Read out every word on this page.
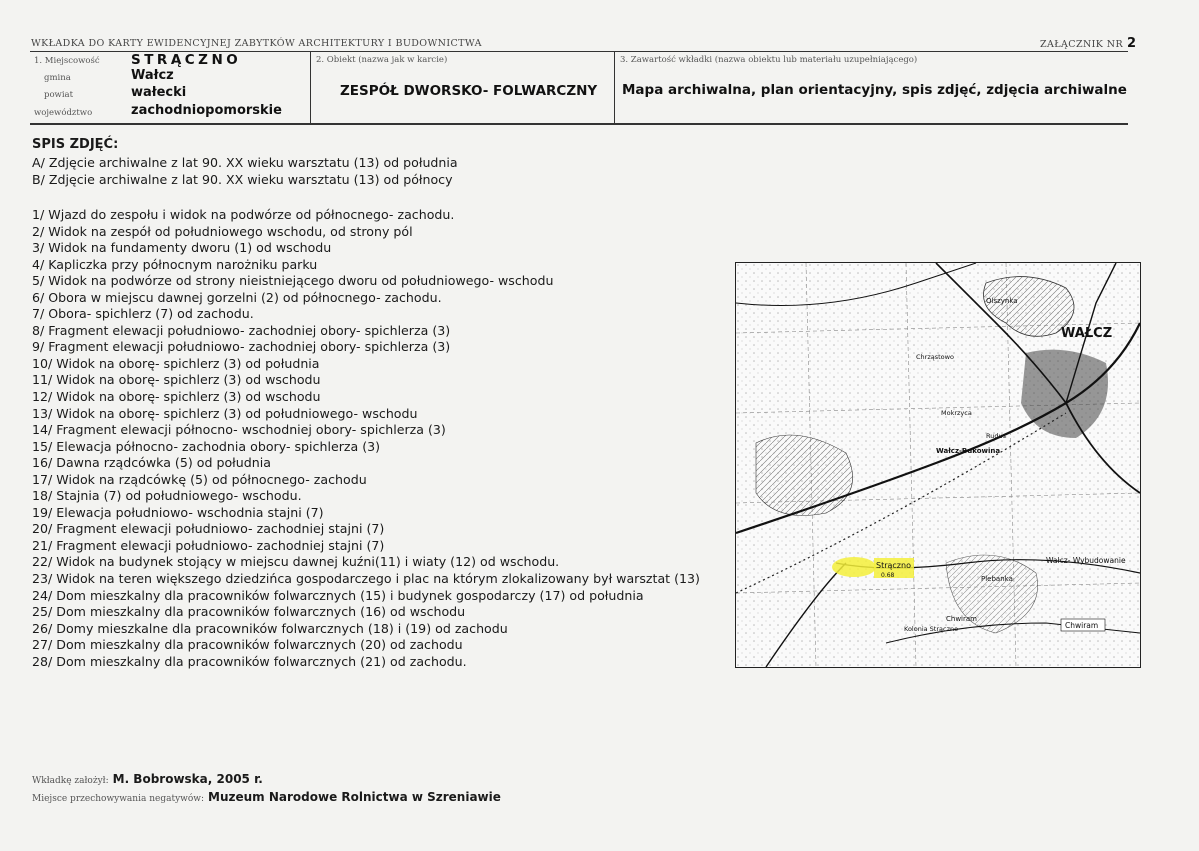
WKŁADKA DO KARTY EWIDENCYJNEJ ZABYTKÓW ARCHITEKTURY I BUDOWNICTWA	ZAŁĄCZNIK NR 2
1. Miejscowość STRĄCZNO
gmina	Wałcz
powiat	wałecki
województwo	zachodniopomorskie
2. Obiekt (nazwa jak w karcie)
ZESPÓŁ DWORSKO- FOLWARCZNY
3. Zawartość wkładki (nazwa obiektu lub materiału uzupełniającego)
Mapa archiwalna, plan orientacyjny, spis zdjęć, zdjęcia archiwalne
SPIS ZDJĘĆ:
A/ Zdjęcie archiwalne z lat 90. XX wieku warsztatu (13) od południa
B/ Zdjęcie archiwalne z lat 90. XX wieku warsztatu (13) od północy
1/ Wjazd do zespołu i widok na podwórze od północnego- zachodu.
2/ Widok na zespół od południowego wschodu, od strony pól
3/ Widok na fundamenty dworu (1) od wschodu
4/ Kapliczka przy północnym narożniku parku
5/ Widok na podwórze od strony nieistniejącego dworu od południowego- wschodu
6/ Obora w miejscu dawnej gorzelni (2) od północnego- zachodu.
7/ Obora- spichlerz (7) od zachodu.
8/ Fragment elewacji południowo- zachodniej obory- spichlerza (3)
9/ Fragment elewacji południowo- zachodniej obory- spichlerza (3)
10/ Widok na oborę- spichlerz (3) od południa
11/ Widok na oborę- spichlerz (3) od wschodu
12/ Widok na oborę- spichlerz (3) od wschodu
13/ Widok na oborę- spichlerz (3) od południowego- wschodu
14/ Fragment elewacji północno- wschodniej obory- spichlerza (3)
15/ Elewacja północno- zachodnia obory- spichlerza (3)
16/ Dawna rządcówka (5) od południa
17/ Widok na rządcówkę (5) od północnego- zachodu
18/ Stajnia (7) od południowego- wschodu.
19/ Elewacja południowo- wschodnia stajni (7)
20/ Fragment elewacji południowo- zachodniej stajni (7)
21/ Fragment elewacji południowo- zachodniej stajni (7)
22/ Widok na budynek stojący w miejscu dawnej kuźni(11) i wiaty (12) od wschodu.
23/ Widok na teren większego dziedzińca gospodarczego i plac na którym zlokalizowany był warsztat (13)
24/ Dom mieszkalny dla pracowników folwarcznych (15) i budynek gospodarczy (17) od południa
25/ Dom mieszkalny dla pracowników folwarcznych (16) od wschodu
26/ Domy mieszkalne dla pracowników folwarcznych (18) i (19) od zachodu
27/ Dom mieszkalny dla pracowników folwarcznych (20) od zachodu
28/ Dom mieszkalny dla pracowników folwarcznych (21) od zachodu.
WAŁCZ
Olszynka
Chrząstowo
Mokrzyca
Rudus
Wałcz-Bukowina
Strączno
0.68	Plebanka
Wałcz- Wybudowanie
Chwiram
Kolonia Strączno	Chwiram
Wkładkę założył: M. Bobrowska, 2005 r.
Miejsce przechowywania negatywów: Muzeum Narodowe Rolnictwa w Szreniawie
